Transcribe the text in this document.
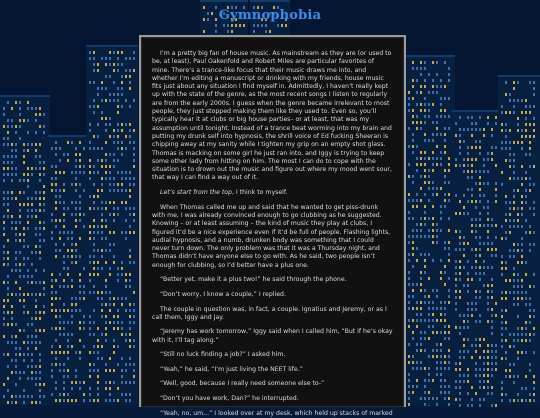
Gymnophobia

I’m a pretty big fan of house music. As mainstream as they are (or used to be, at least), Paul Oakenfold and Robert Miles are particular favorites of mine. There’s a trance-like focus that their music draws me into, and whether I’m editing a manuscript or drinking with my friends, house music fits just about any situation I find myself in. Admittedly, I haven’t really kept up with the state of the genre, as the most recent songs I listen to regularly are from the early 2000s. I guess when the genre became irrelevant to most people, they just stopped making them like they used to. Even so, you’ll typically hear it at clubs or big house parties– or at least, that was my assumption until tonight. Instead of a trance beat worming into my brain and putting my drunk self into hypnosis, the shrill voice of Ed fucking Sheeran is chipping away at my sanity while I tighten my grip on an empty shot glass. Thomas is macking on some girl he just ran into, and Iggy is trying to keep some other lady from hitting on him. The most I can do to cope with the situation is to drown out the music and figure out where my mood went sour, that way I can find a way out of it.

Let’s start from the top, I think to myself.

When Thomas called me up and said that he wanted to get piss-drunk with me, I was already convinced enough to go clubbing as he suggested. Knowing – or at least assuming – the kind of music they play at clubs, I figured it’d be a nice experience even if it’d be full of people. Flashing lights, audial hypnosis, and a numb, drunken body was something that I could never turn down. The only problem was that it was a Thursday night, and Thomas didn’t have anyone else to go with. As he said, two people isn’t enough for clubbing, so I’d better have a plus one.

“Better yet, make it a plus two!” he said through the phone.

“Don’t worry, I know a couple,” I replied.

The couple in question was, in fact, a couple. Ignatius and Jeremy, or as I call them, Iggy and Jay.

“Jeremy has work tomorrow,” Iggy said when I called him, “But if he’s okay with it, I’ll tag along.”

“Still no luck finding a job?” I asked him.

“Yeah,” he said, “I’m just living the NEET life.”

“Well, good, because I really need someone else to-”

“Don’t you have work, Dan?” he interrupted.

“Yeah, no, um...” I looked over at my desk, which held up stacks of marked
